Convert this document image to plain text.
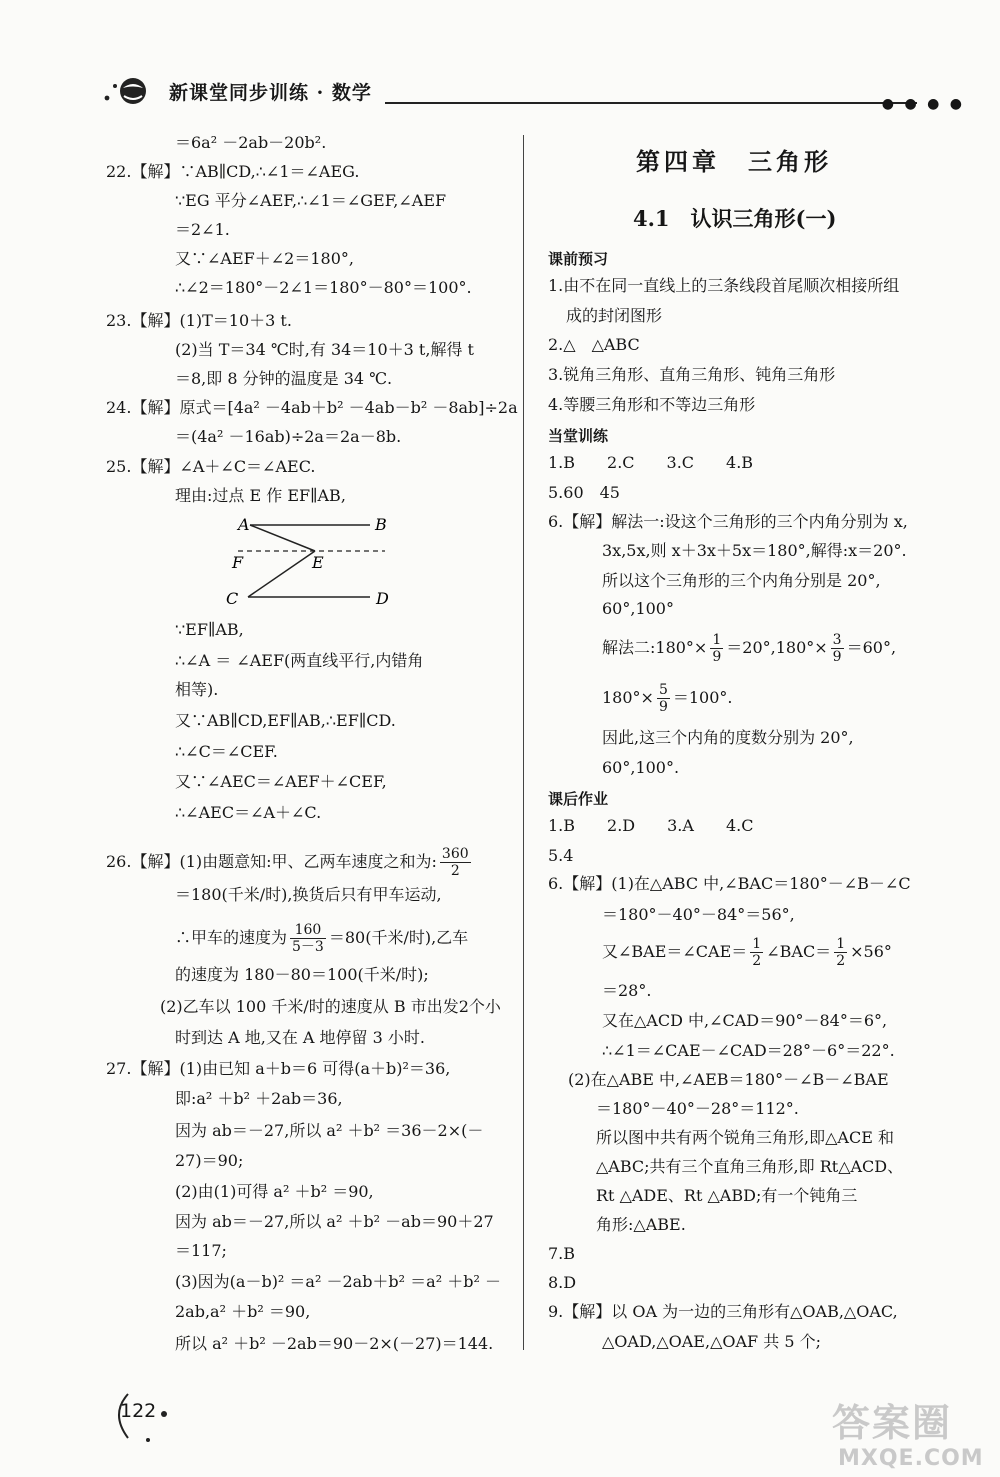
新课堂同步训练 · 数学	● ● ● ●
＝6a² －2ab－20b².
22.【解】∵AB∥CD,∴∠1＝∠AEG.
∵EG 平分∠AEF,∴∠1＝∠GEF,∠AEF
＝2∠1.
又∵∠AEF＋∠2＝180°,
∴∠2＝180°－2∠1＝180°－80°＝100°.
23.【解】(1)T＝10＋3 t.
(2)当 T＝34 ℃时,有 34＝10＋3 t,解得 t
＝8,即 8 分钟的温度是 34 ℃.
24.【解】原式＝[4a² －4ab＋b² －4ab－b² －8ab]÷2a
＝(4a² －16ab)÷2a＝2a－8b.
25.【解】∠A＋∠C＝∠AEC.
理由:过点 E 作 EF∥AB,
A	B
F	E
C	D
∵EF∥AB,
∴∠A ＝ ∠AEF(两直线平行,内错角
相等).
又∵AB∥CD,EF∥AB,∴EF∥CD.
∴∠C＝∠CEF.
又∵∠AEC＝∠AEF＋∠CEF,
∴∠AEC＝∠A＋∠C.
26.【解】(1)由题意知:甲、乙两车速度之和为: $\frac{360}{2}$
＝180(千米/时),换货后只有甲车运动,
∴甲车的速度为 $\frac{160}{5-3} =80$(千米/时),乙车
的速度为 180－80＝100(千米/时);
(2)乙车以 100 千米/时的速度从 B 市出发2个小
时到达 A 地,又在 A 地停留 3 小时.
27.【解】(1)由已知 a＋b＝6 可得(a＋b)²＝36,
即:a² ＋b² ＋2ab＝36,
因为 ab＝－27,所以 a² ＋b² ＝36－2×(－
27)＝90;
(2)由(1)可得 a² ＋b² ＝90,
因为 ab＝－27,所以 a² ＋b² －ab＝90＋27
＝117;
(3)因为(a－b)² ＝a² －2ab＋b² ＝a² ＋b² －
2ab,a² ＋b² ＝90,
所以 a² ＋b² －2ab＝90－2×(－27)＝144.
第四章　三角形
4.1　认识三角形(一)
课前预习
1.由不在同一直线上的三条线段首尾顺次相接所组
成的封闭图形
2.△　△ABC
3.锐角三角形、直角三角形、钝角三角形
4.等腰三角形和不等边三角形
当堂训练
1.B　　2.C　　3.C　　4.B
5.60　45
6.【解】解法一:设这个三角形的三个内角分别为 x,
3x,5x,则 x＋3x＋5x＝180°,解得:x＝20°.
所以这个三角形的三个内角分别是 20°,
60°,100°
解法二:180°× $\frac{1}{9} =20^\circ,180^\circ\times \frac{3}{9} =60^\circ$,
$180^\circ\times \frac{5}{9} =100^\circ$.
因此,这三个内角的度数分别为 20°,
60°,100°.
课后作业
1.B　　2.D　　3.A　　4.C
5.4
6.【解】(1)在△ABC 中,∠BAC＝180°－∠B－∠C
＝180°－40°－84°＝56°,
又∠BAE＝∠CAE＝ $\frac{1}{2}$ ∠BAC＝ $\frac{1}{2} \times 56^\circ$
＝28°.
又在△ACD 中,∠CAD＝90°－84°＝6°,
∴∠1＝∠CAE－∠CAD＝28°－6°＝22°.
(2)在△ABE 中,∠AEB＝180°－∠B－∠BAE
＝180°－40°－28°＝112°.
所以图中共有两个锐角三角形,即△ACE 和
△ABC;共有三个直角三角形,即 Rt△ACD、
Rt △ADE、Rt △ABD;有一个钝角三
角形:△ABE.
7.B
8.D
9.【解】以 OA 为一边的三角形有△OAB,△OAC,
△OAD,△OAE,△OAF 共 5 个;
122	答案圈
MXQE.COM
